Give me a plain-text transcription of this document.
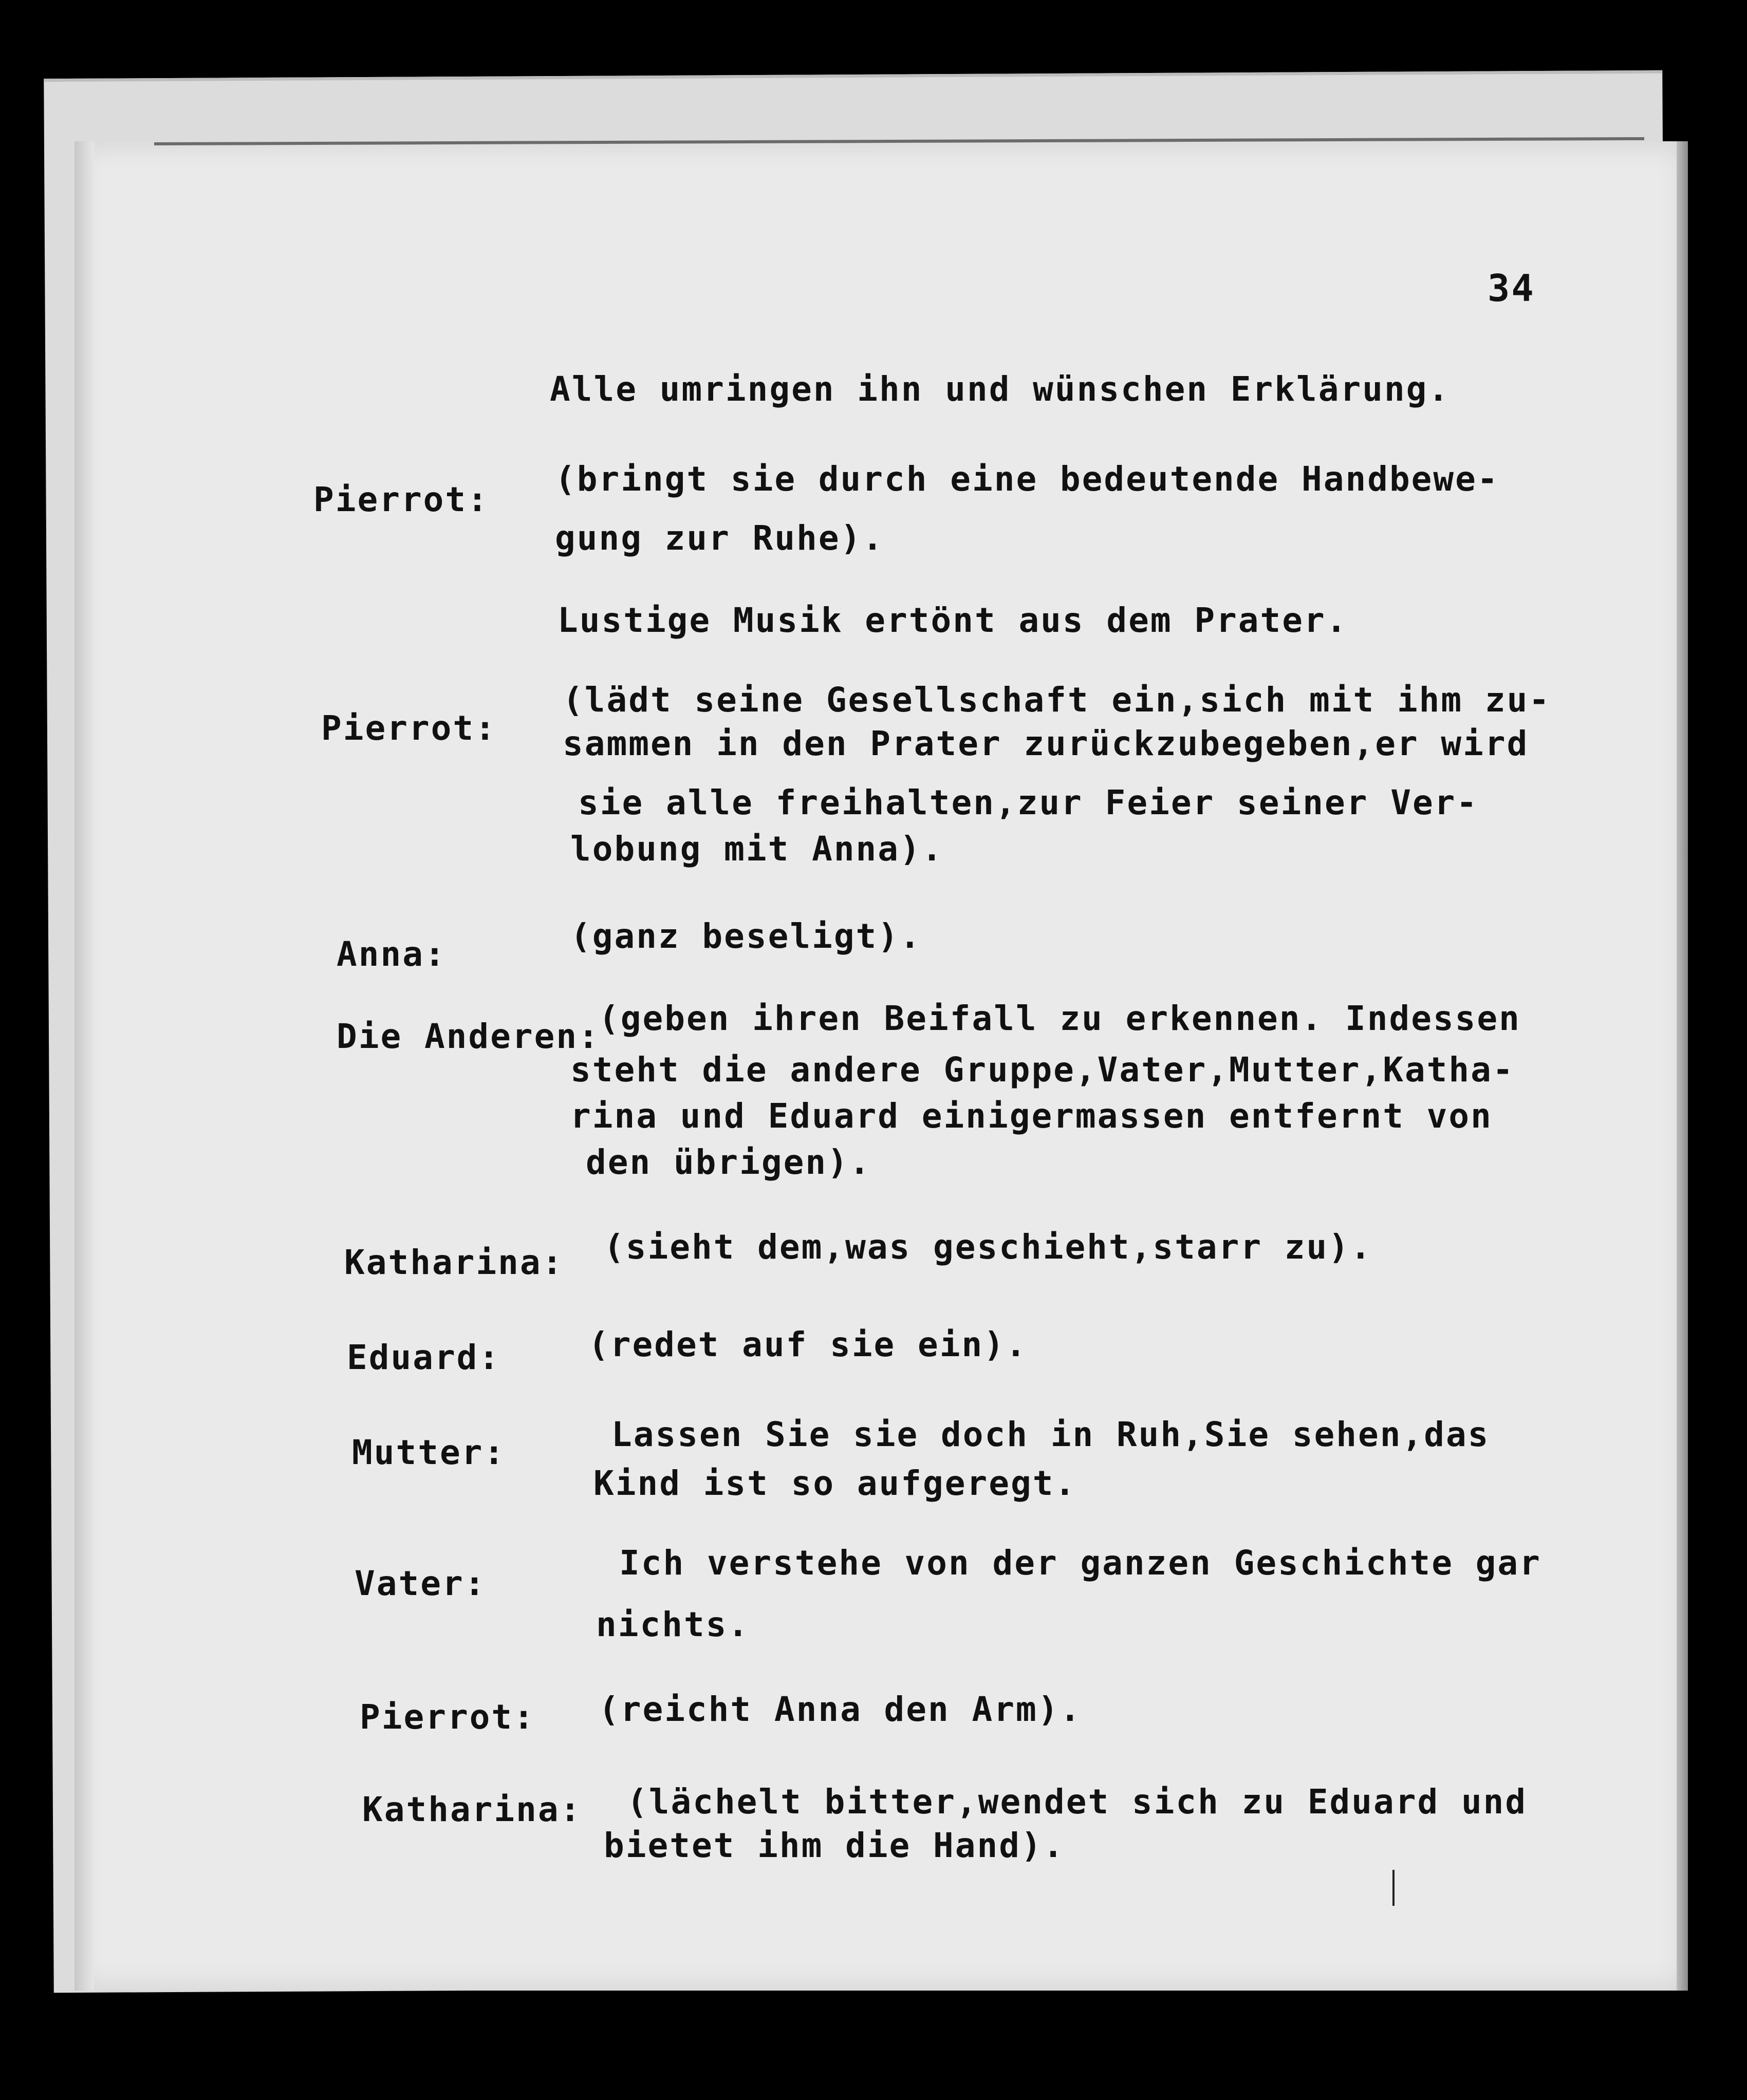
34
Alle umringen ihn und wünschen Erklärung.
Pierrot:
(bringt sie durch eine bedeutende Handbewe-
gung zur Ruhe).
Lustige Musik ertönt aus dem Prater.
Pierrot:
(lädt seine Gesellschaft ein,sich mit ihm zu-
sammen in den Prater zurückzubegeben,er wird
sie alle freihalten,zur Feier seiner Ver-
lobung mit Anna).
Anna:	(ganz beseligt).
Die Anderen:
(geben ihren Beifall zu erkennen. Indessen
steht die andere Gruppe,Vater,Mutter,Katha-
rina und Eduard einigermassen entfernt von
den übrigen).
Katharina: (sieht dem,was geschieht,starr zu).
Eduard:	(redet auf sie ein).
Mutter:	Lassen Sie sie doch in Ruh,Sie sehen,das
Kind ist so aufgeregt.
Vater:
Ich verstehe von der ganzen Geschichte gar
nichts.
Pierrot: (reicht Anna den Arm).
Katharina: (lächelt bitter,wendet sich zu Eduard und
bietet ihm die Hand).
